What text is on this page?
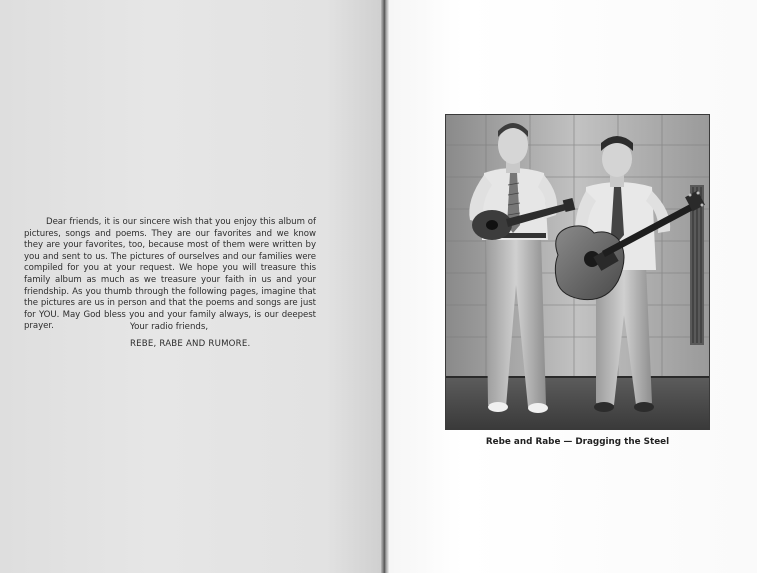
Dear friends, it is our sincere wish that you enjoy this album of pictures, songs and poems. They are our favorites and we know they are your favorites, too, because most of them were written by you and sent to us. The pictures of ourselves and our families were compiled for you at your request. We hope you will treasure this family album as much as we treasure your faith in us and your friendship. As you thumb through the following pages, imagine that the pictures are us in person and that the poems and songs are just for YOU. May God bless you and your family always, is our deepest prayer.	Your radio friends,

REBE, RABE AND RUMORE.

Rebe and Rabe — Dragging the Steel
